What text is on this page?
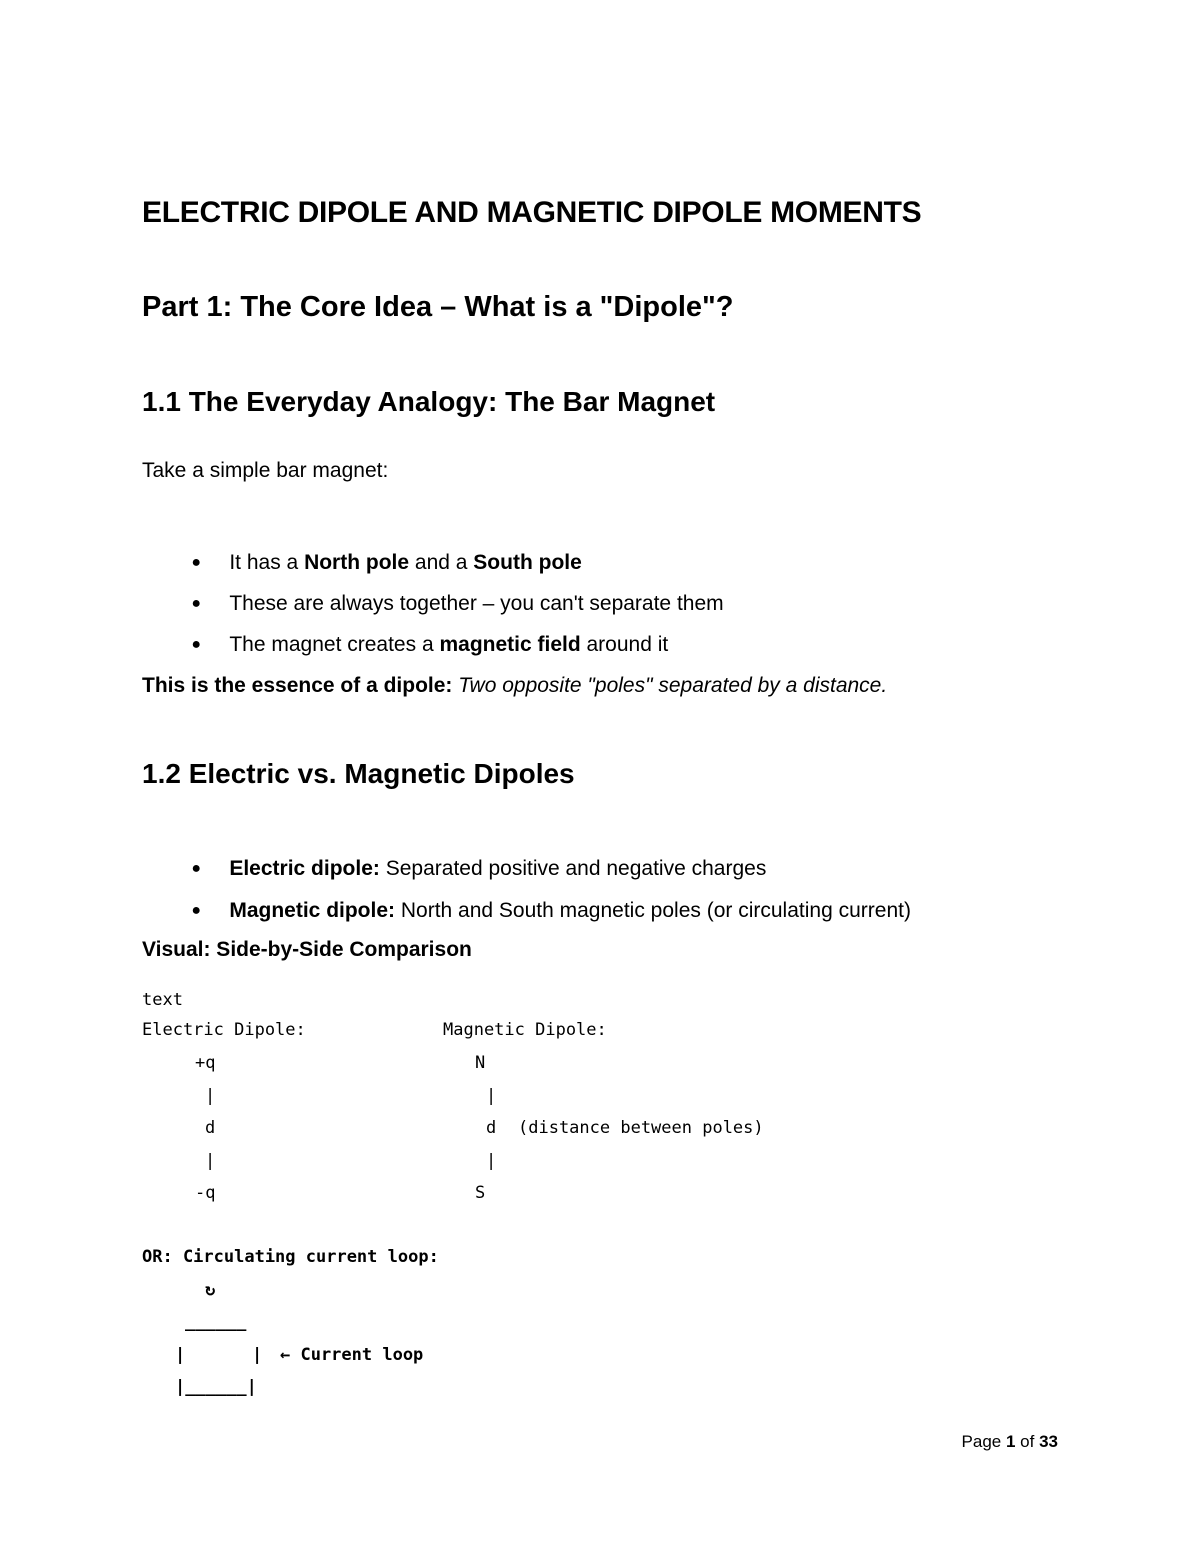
ELECTRIC DIPOLE AND MAGNETIC DIPOLE MOMENTS
Part 1: The Core Idea – What is a "Dipole"?
1.1 The Everyday Analogy: The Bar Magnet
Take a simple bar magnet:

● It has a North pole and a South pole

● These are always together – you can't separate them

● The magnet creates a magnetic field around it

This is the essence of a dipole: Two opposite "poles" separated by a distance.
1.2 Electric vs. Magnetic Dipoles

● Electric dipole: Separated positive and negative charges

● Magnetic dipole: North and South magnetic poles (or circulating current)

Visual: Side-by-Side Comparison
text
Electric Dipole:	Magnetic Dipole:
+q	N
|	|
d	d (distance between poles)
|	|
-q	S
OR: Circulating current loop:
↻
______
|	| ← Current loop
|______|
Page 1 of 33
